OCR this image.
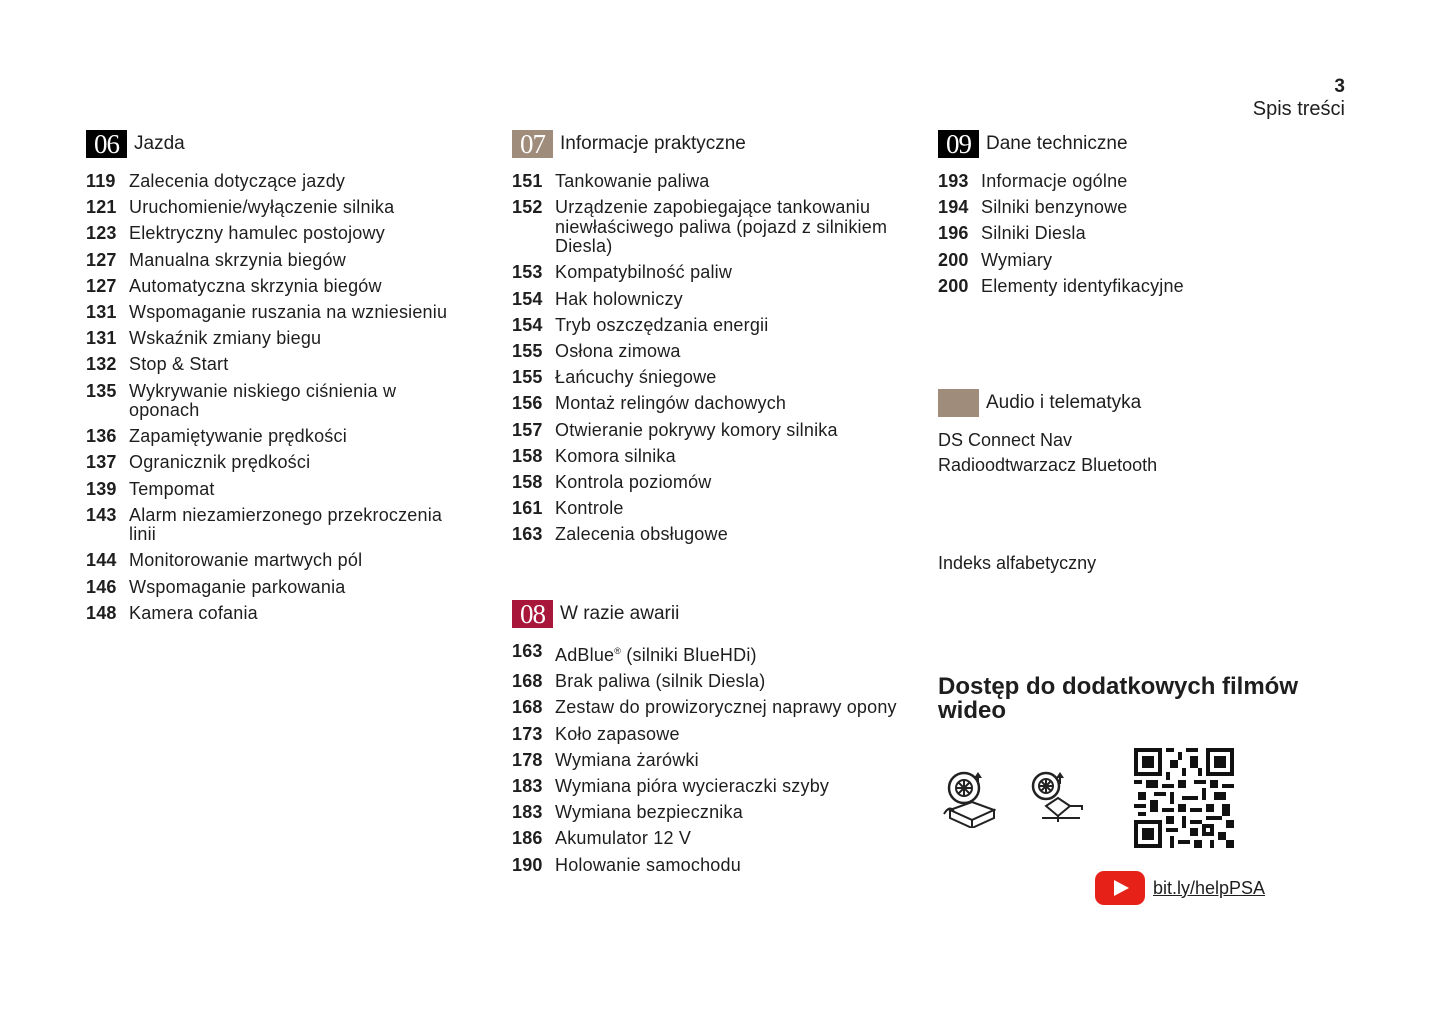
3
Spis treści
06 Jazda
119 Zalecenia dotyczące jazdy
121 Uruchomienie/wyłączenie silnika
123 Elektryczny hamulec postojowy
127 Manualna skrzynia biegów
127 Automatyczna skrzynia biegów
131 Wspomaganie ruszania na wzniesieniu
131 Wskaźnik zmiany biegu
132 Stop & Start
135 Wykrywanie niskiego ciśnienia w oponach
136 Zapamiętywanie prędkości
137 Ogranicznik prędkości
139 Tempomat
143 Alarm niezamierzonego przekroczenia linii
144 Monitorowanie martwych pól
146 Wspomaganie parkowania
148 Kamera cofania
07 Informacje praktyczne
151 Tankowanie paliwa
152 Urządzenie zapobiegające tankowaniu niewłaściwego paliwa (pojazd z silnikiem Diesla)
153 Kompatybilność paliw
154 Hak holowniczy
154 Tryb oszczędzania energii
155 Osłona zimowa
155 Łańcuchy śniegowe
156 Montaż relingów dachowych
157 Otwieranie pokrywy komory silnika
158 Komora silnika
158 Kontrola poziomów
161 Kontrole
163 Zalecenia obsługowe
08 W razie awarii
163 AdBlue® (silniki BlueHDi)
168 Brak paliwa (silnik Diesla)
168 Zestaw do prowizorycznej naprawy opony
173 Koło zapasowe
178 Wymiana żarówki
183 Wymiana pióra wycieraczki szyby
183 Wymiana bezpiecznika
186 Akumulator 12 V
190 Holowanie samochodu
09 Dane techniczne
193 Informacje ogólne
194 Silniki benzynowe
196 Silniki Diesla
200 Wymiary
200 Elementy identyfikacyjne
Audio i telematyka
DS Connect Nav
Radioodtwarzacz Bluetooth
Indeks alfabetyczny
Dostęp do dodatkowych filmów wideo
bit.ly/helpPSA
